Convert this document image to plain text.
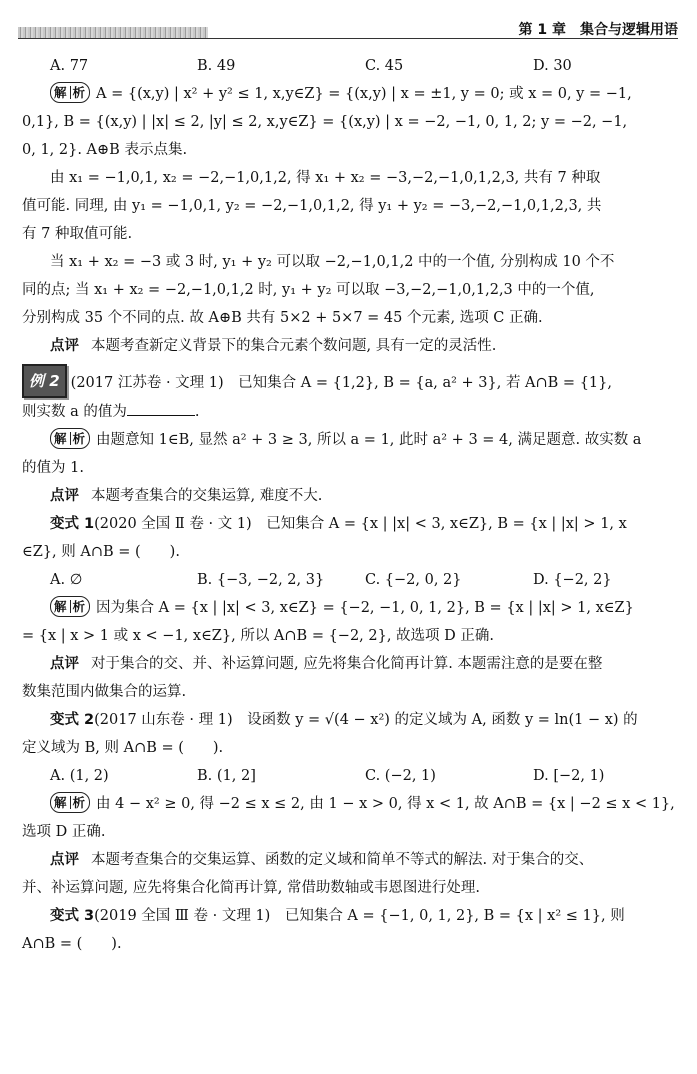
第 1 章　集合与逻辑用语
A. 77	B. 49	C. 45	D. 30

解 析 A = {(x,y) | x² + y² ≤ 1, x,y∈Z} = {(x,y) | x = ±1, y = 0; 或 x = 0, y = −1,

0,1}, B = {(x,y) | |x| ≤ 2, |y| ≤ 2, x,y∈Z} = {(x,y) | x = −2, −1, 0, 1, 2; y = −2, −1,

0, 1, 2}. A⊕B 表示点集.

由 x₁ = −1,0,1, x₂ = −2,−1,0,1,2, 得 x₁ + x₂ = −3,−2,−1,0,1,2,3, 共有 7 种取

值可能. 同理, 由 y₁ = −1,0,1, y₂ = −2,−1,0,1,2, 得 y₁ + y₂ = −3,−2,−1,0,1,2,3, 共

有 7 种取值可能.

当 x₁ + x₂ = −3 或 3 时, y₁ + y₂ 可以取 −2,−1,0,1,2 中的一个值, 分别构成 10 个不

同的点; 当 x₁ + x₂ = −2,−1,0,1,2 时, y₁ + y₂ 可以取 −3,−2,−1,0,1,2,3 中的一个值,

分别构成 35 个不同的点. 故 A⊕B 共有 5×2 + 5×7 = 45 个元素, 选项 C 正确.

点评 本题考查新定义背景下的集合元素个数问题, 具有一定的灵活性.

例 2 (2017 江苏卷 · 文理 1)　已知集合 A = {1,2}, B = {a, a² + 3}, 若 A∩B = {1},

则实数 a 的值为	.

解 析 由题意知 1∈B, 显然 a² + 3 ≥ 3, 所以 a = 1, 此时 a² + 3 = 4, 满足题意. 故实数 a

的值为 1.

点评 本题考查集合的交集运算, 难度不大.

变式 1(2020 全国 Ⅱ 卷 · 文 1)　已知集合 A = {x | |x| < 3, x∈Z}, B = {x | |x| > 1, x

∈Z}, 则 A∩B = (　　).

A. ∅	B. {−3, −2, 2, 3}	C. {−2, 0, 2}	D. {−2, 2}

解 析 因为集合 A = {x | |x| < 3, x∈Z} = {−2, −1, 0, 1, 2}, B = {x | |x| > 1, x∈Z}

= {x | x > 1 或 x < −1, x∈Z}, 所以 A∩B = {−2, 2}, 故选项 D 正确.

点评 对于集合的交、并、补运算问题, 应先将集合化简再计算. 本题需注意的是要在整

数集范围内做集合的运算.

变式 2(2017 山东卷 · 理 1)　设函数 y = √(4 − x²) 的定义域为 A, 函数 y = ln(1 − x) 的

定义域为 B, 则 A∩B = (　　).

A. (1, 2)	B. (1, 2]	C. (−2, 1)	D. [−2, 1)

解 析 由 4 − x² ≥ 0, 得 −2 ≤ x ≤ 2, 由 1 − x > 0, 得 x < 1, 故 A∩B = {x | −2 ≤ x < 1},

选项 D 正确.

点评 本题考查集合的交集运算、函数的定义域和简单不等式的解法. 对于集合的交、

并、补运算问题, 应先将集合化简再计算, 常借助数轴或韦恩图进行处理.

变式 3(2019 全国 Ⅲ 卷 · 文理 1)　已知集合 A = {−1, 0, 1, 2}, B = {x | x² ≤ 1}, 则

A∩B = (　　).
